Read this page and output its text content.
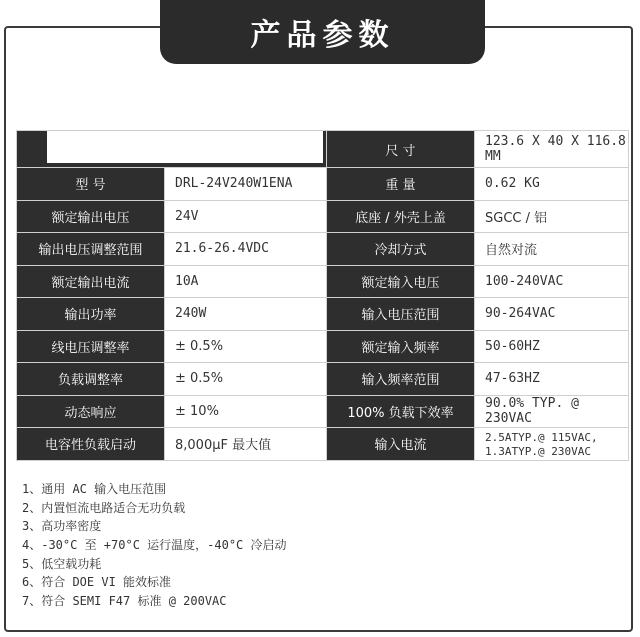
产品参数
		尺 寸	123.6 X 40 X 116.8 MM
型 号	DRL-24V240W1ENA	重 量	0.62 KG
额定输出电压	24V	底座 / 外壳上盖	SGCC / 铝
输出电压调整范围	21.6-26.4VDC	冷却方式	自然对流
额定输出电流	10A	额定输入电压	100-240VAC
输出功率	240W	输入电压范围	90-264VAC
线电压调整率	± 0.5%	额定输入频率	50-60HZ
负载调整率	± 0.5%	输入频率范围	47-63HZ
动态响应	± 10%	100% 负载下效率	90.0% TYP. @ 230VAC
电容性负载启动	8,000μF 最大值	输入电流	2.5ATYP.@ 115VAC,
1.3ATYP.@ 230VAC
1、通用 AC 输入电压范围
2、内置恒流电路适合无功负载
3、高功率密度
4、-30°C 至 +70°C 运行温度，-40°C 冷启动
5、低空载功耗
6、符合 DOE VI 能效标准
7、符合 SEMI F47 标准 @ 200VAC
